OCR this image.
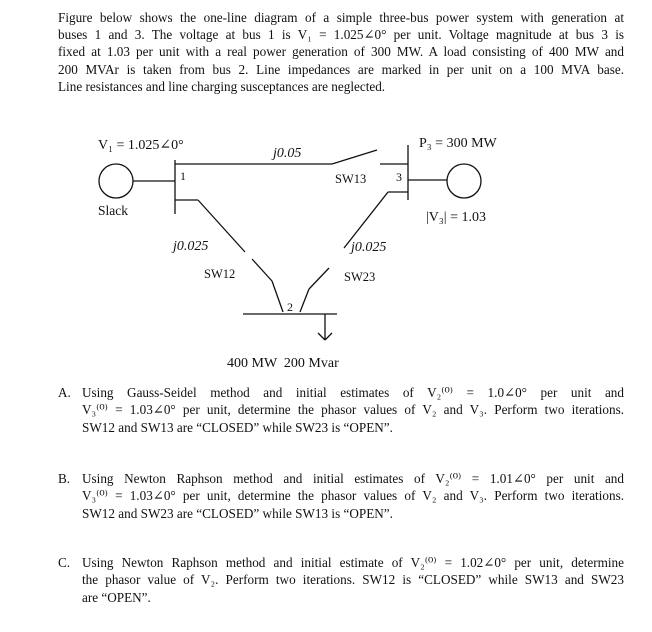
Figure below shows the one-line diagram of a simple three-bus power system with generation at
buses 1 and 3. The voltage at bus 1 is V₁ = 1.025∠0° per unit. Voltage magnitude at bus 3 is
fixed at 1.03 per unit with a real power generation of 300 MW. A load consisting of 400 MW and
200 MVAr is taken from bus 2. Line impedances are marked in per unit on a 100 MVA base.
Line resistances and line charging susceptances are neglected.
V₁ = 1.025∠0°	P₃ = 300 MW
|V₃| = 1.03
Slack
1
2
3
j0.05
j0.025	j0.025
SW12
SW13
SW23
400 MW  200 Mvar
A. Using Gauss-Seidel method and initial estimates of V₂⁽⁰⁾ = 1.0∠0° per unit and
V₃⁽⁰⁾ = 1.03∠0° per unit, determine the phasor values of V₂ and V₃. Perform two iterations.
SW12 and SW13 are “CLOSED” while SW23 is “OPEN”.
B. Using Newton Raphson method and initial estimates of V₂⁽⁰⁾ = 1.01∠0° per unit and
V₃⁽⁰⁾ = 1.03∠0° per unit, determine the phasor values of V₂ and V₃. Perform two iterations.
SW12 and SW23 are “CLOSED” while SW13 is “OPEN”.
C. Using Newton Raphson method and initial estimate of V₂⁽⁰⁾ = 1.02∠0° per unit, determine
the phasor value of V₂. Perform two iterations. SW12 is “CLOSED” while SW13 and SW23
are “OPEN”.
